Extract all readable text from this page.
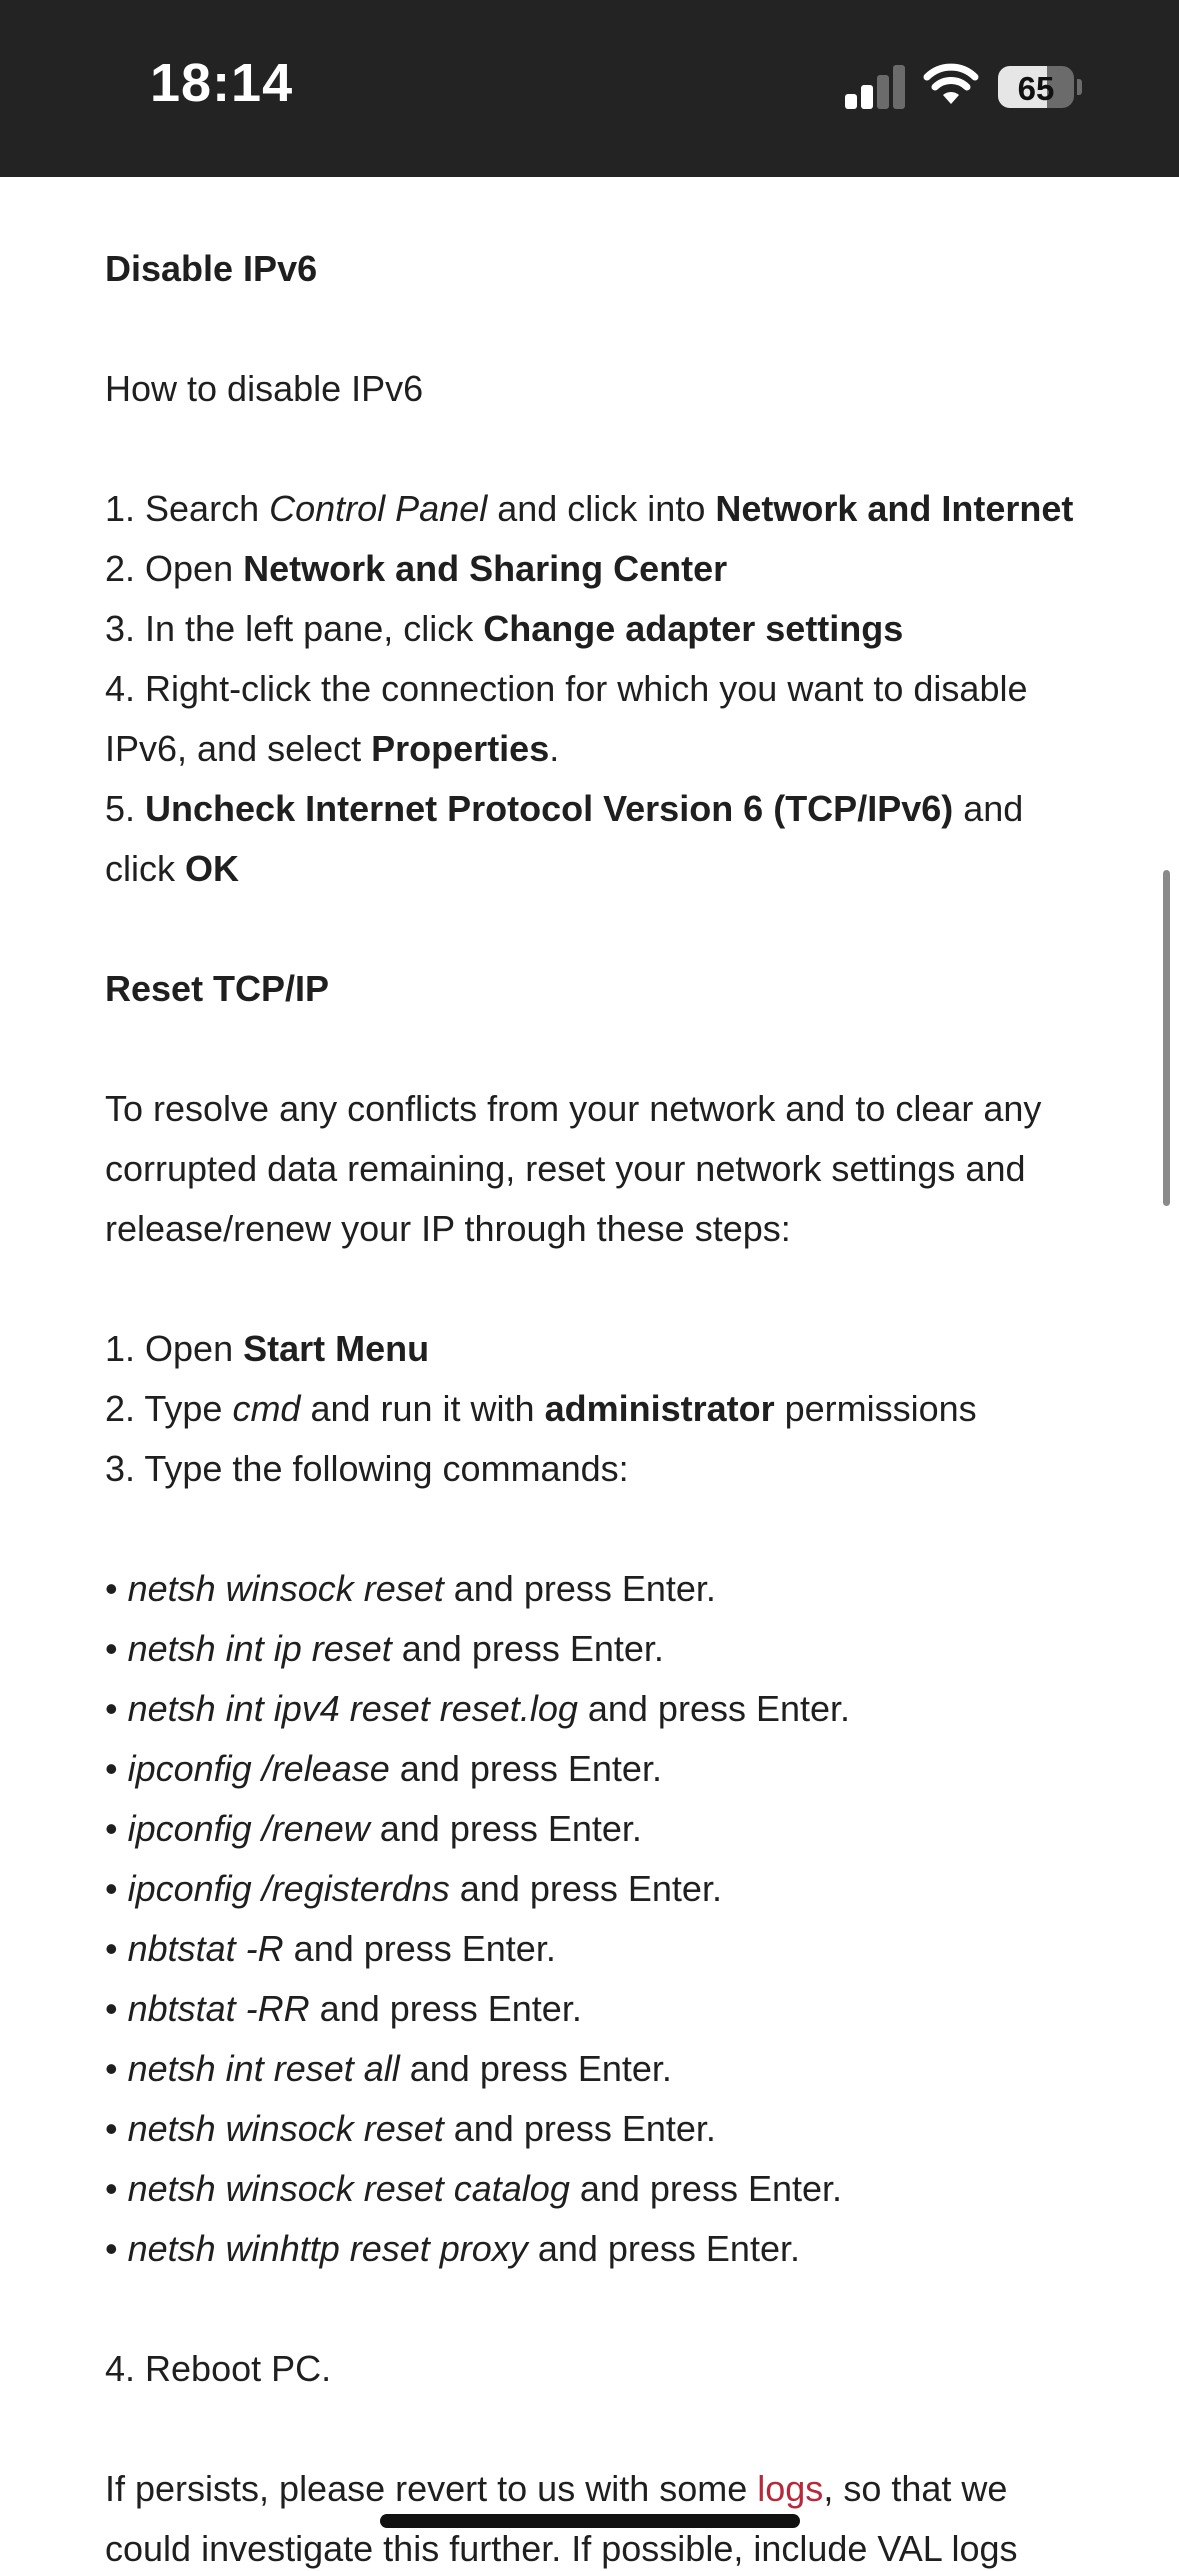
18:14	65
Disable IPv6
How to disable IPv6
1. Search Control Panel and click into Network and Internet
2. Open Network and Sharing Center
3. In the left pane, click Change adapter settings
4. Right-click the connection for which you want to disable
IPv6, and select Properties.
5. Uncheck Internet Protocol Version 6 (TCP/IPv6) and
click OK
Reset TCP/IP
To resolve any conflicts from your network and to clear any
corrupted data remaining, reset your network settings and
release/renew your IP through these steps:
1. Open Start Menu
2. Type cmd and run it with administrator permissions
3. Type the following commands:
• netsh winsock reset and press Enter.
• netsh int ip reset and press Enter.
• netsh int ipv4 reset reset.log and press Enter.
• ipconfig /release and press Enter.
• ipconfig /renew and press Enter.
• ipconfig /registerdns and press Enter.
• nbtstat -R and press Enter.
• nbtstat -RR and press Enter.
• netsh int reset all and press Enter.
• netsh winsock reset and press Enter.
• netsh winsock reset catalog and press Enter.
• netsh winhttp reset proxy and press Enter.
4. Reboot PC.
If persists, please revert to us with some logs, so that we
could investigate this further. If possible, include VAL logs
